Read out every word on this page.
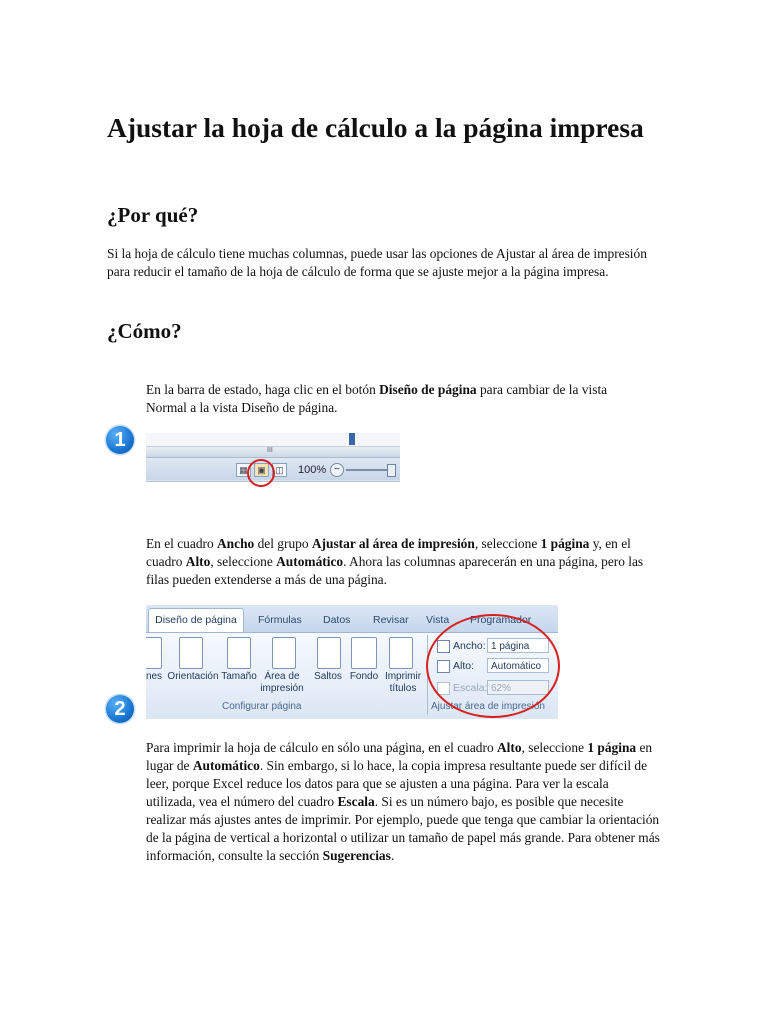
Ajustar la hoja de cálculo a la página impresa
¿Por qué?

Si la hoja de cálculo tiene muchas columnas, puede usar las opciones de Ajustar al área de impresión para reducir el tamaño de la hoja de cálculo de forma que se ajuste mejor a la página impresa.

¿Cómo?

En la barra de estado, haga clic en el botón Diseño de página para cambiar de la vista Normal a la vista Diseño de página.

1	III
▦	▣	◫ 100% −

En el cuadro Ancho del grupo Ajustar al área de impresión, seleccione 1 página y, en el cuadro Alto, seleccione Automático. Ahora las columnas aparecerán en una página, pero las filas pueden extenderse a más de una página.

2
Diseño de página	Fórmulas Datos Revisar Vista Programador
nes Orientación Tamaño Área de impresión
Saltos Fondo Imprimir títulos
Configurar página
Ancho: 1 página
Alto:	Automático
Escala: 62%
Ajustar área de impresión

Para imprimir la hoja de cálculo en sólo una página, en el cuadro Alto, seleccione 1 página en lugar de Automático. Sin embargo, si lo hace, la copia impresa resultante puede ser difícil de leer, porque Excel reduce los datos para que se ajusten a una página. Para ver la escala utilizada, vea el número del cuadro Escala. Si es un número bajo, es posible que necesite realizar más ajustes antes de imprimir. Por ejemplo, puede que tenga que cambiar la orientación de la página de vertical a horizontal o utilizar un tamaño de papel más grande. Para obtener más información, consulte la sección Sugerencias.
